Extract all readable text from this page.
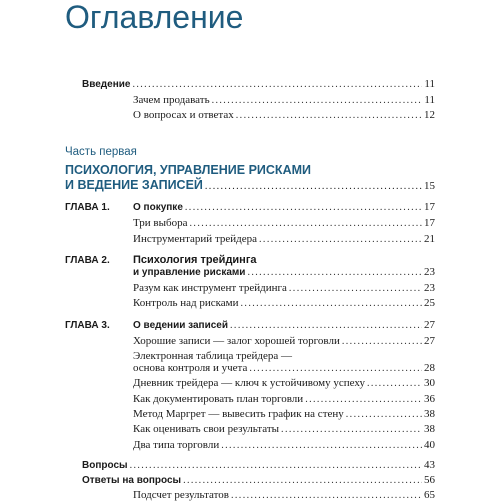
Оглавление
Введение .....	11
Зачем продавать .....	11
О вопросах и ответах .....	12
Часть первая
ПСИХОЛОГИЯ, УПРАВЛЕНИЕ РИСКАМИ
И ВЕДЕНИЕ ЗАПИСЕЙ .....	15
ГЛАВА 1. О покупке .....	17
Три выбора .....	17
Инструментарий трейдера .....	21
ГЛАВА 2. Психология трейдинга
и управление рисками .....	23
Разум как инструмент трейдинга .....	23
Контроль над рисками .....	25
ГЛАВА 3. О ведении записей .....	27
Хорошие записи — залог хорошей торговли .....	27
Электронная таблица трейдера —
основа контроля и учета .....	28
Дневник трейдера — ключ к устойчивому успеху .....	30
Как документировать план торговли .....	36
Метод Маргрет — вывесить график на стену .....	38
Как оценивать свои результаты .....	38
Два типа торговли .....	40
Вопросы .....	43
Ответы на вопросы .....	56
Подсчет результатов .....	65
